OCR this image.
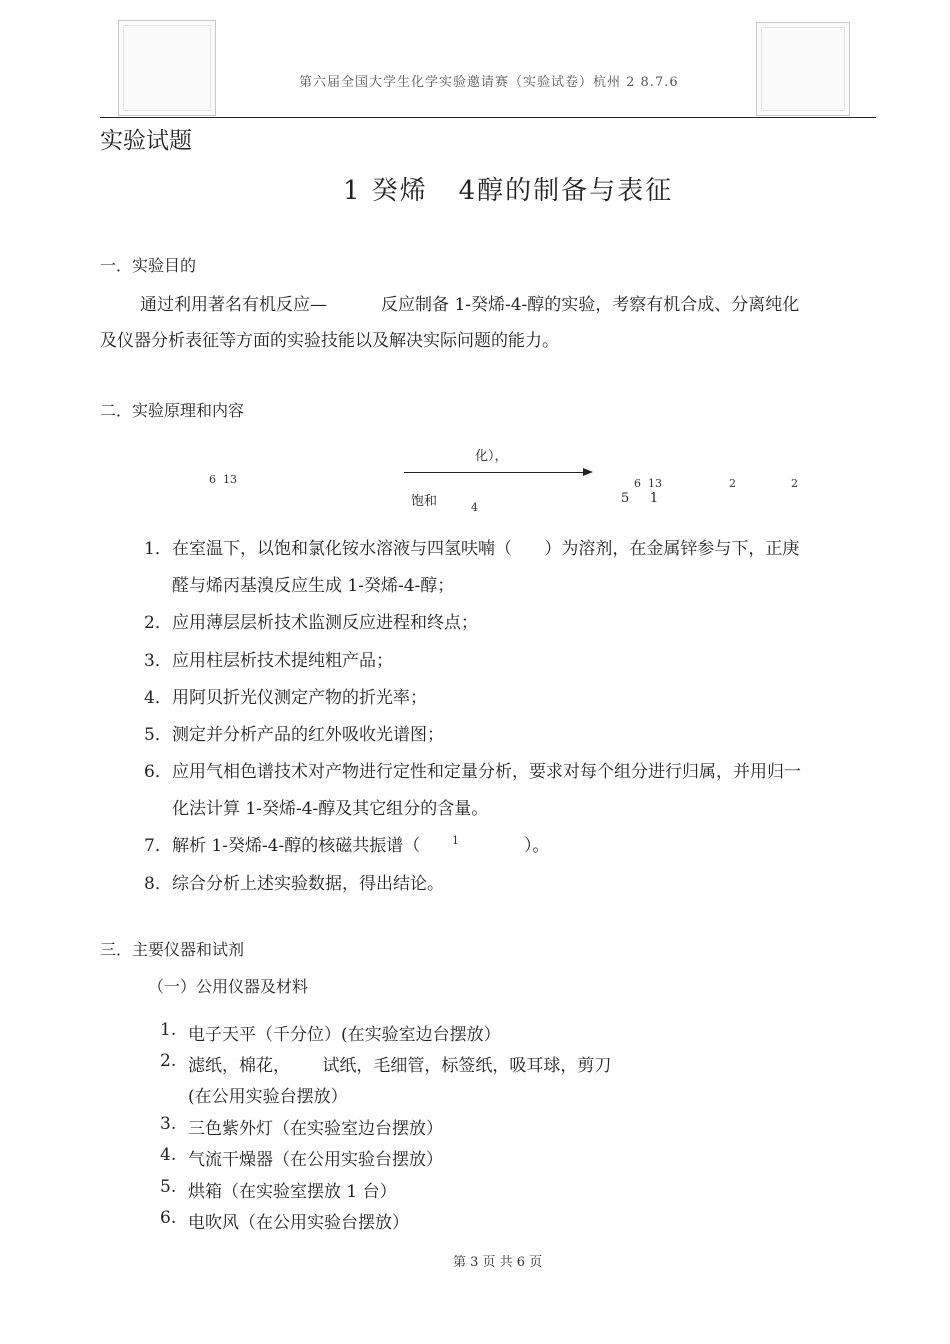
第六届全国大学生化学实验邀请赛（实验试卷）杭州 2 8.7.6
实验试题
1 癸烯   4醇的制备与表征
一．实验目的
通过利用著名有机反应—          反应制备 1-癸烯-4-醇的实验，考察有机合成、分离纯化
及仪器分析表征等方面的实验技能以及解决实际问题的能力。
二．实验原理和内容
6  13
化），
饱和	4
6  13
5     1
2	2
1． 在室温下，以饱和氯化铵水溶液与四氢呋喃（      ）为溶剂，在金属锌参与下，正庚
醛与烯丙基溴反应生成 1-癸烯-4-醇；
2． 应用薄层层析技术监测反应进程和终点；
3． 应用柱层析技术提纯粗产品；
4． 用阿贝折光仪测定产物的折光率；
5． 测定并分析产品的红外吸收光谱图；
6． 应用气相色谱技术对产物进行定性和定量分析，要求对每个组分进行归属，并用归一
化法计算 1-癸烯-4-醇及其它组分的含量。
7． 解析 1-癸烯-4-醇的核磁共振谱（	1	）。
8． 综合分析上述实验数据，得出结论。
三．主要仪器和试剂
（一）公用仪器及材料
1. 电子天平（千分位）(在实验室边台摆放）
2. 滤纸，棉花，      试纸，毛细管，标签纸，吸耳球，剪刀
(在公用实验台摆放）
3. 三色紫外灯（在实验室边台摆放）
4. 气流干燥器（在公用实验台摆放）
5. 烘箱（在实验室摆放 1 台）
6. 电吹风（在公用实验台摆放）
第 3 页 共 6 页
